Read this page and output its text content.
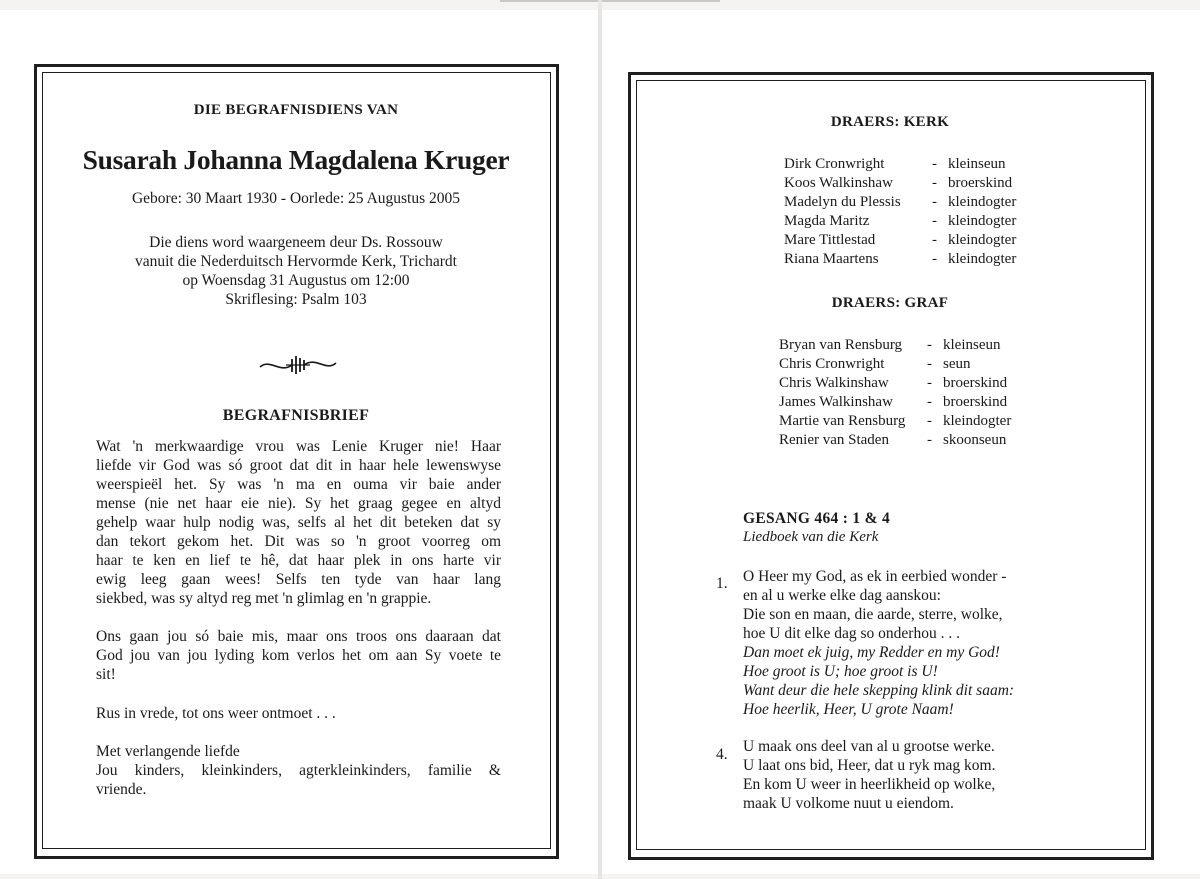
DIE BEGRAFNISDIENS VAN
Susarah Johanna Magdalena Kruger
Gebore: 30 Maart 1930 - Oorlede: 25 Augustus 2005
Die diens word waargeneem deur Ds. Rossouw
vanuit die Nederduitsch Hervormde Kerk, Trichardt
op Woensdag 31 Augustus om 12:00
Skriflesing: Psalm 103
BEGRAFNISBRIEF
Wat 'n merkwaardige vrou was Lenie Kruger nie! Haar
liefde vir God was só groot dat dit in haar hele lewenswyse
weerspieël het. Sy was 'n ma en ouma vir baie ander
mense (nie net haar eie nie). Sy het graag gegee en altyd
gehelp waar hulp nodig was, selfs al het dit beteken dat sy
dan tekort gekom het. Dit was so 'n groot voorreg om
haar te ken en lief te hê, dat haar plek in ons harte vir
ewig leeg gaan wees! Selfs ten tyde van haar lang
siekbed, was sy altyd reg met 'n glimlag en 'n grappie.
Ons gaan jou só baie mis, maar ons troos ons daaraan dat
God jou van jou lyding kom verlos het om aan Sy voete te
sit!
Rus in vrede, tot ons weer ontmoet . . .
Met verlangende liefde
Jou kinders, kleinkinders, agterkleinkinders, familie &
vriende.
DRAERS: KERK
Dirk Cronwright	- kleinseun
Koos Walkinshaw	- broerskind
Madelyn du Plessis	- kleindogter
Magda Maritz	- kleindogter
Mare Tittlestad	- kleindogter
Riana Maartens	- kleindogter
DRAERS: GRAF
Bryan van Rensburg	- kleinseun
Chris Cronwright	- seun
Chris Walkinshaw	- broerskind
James Walkinshaw	- broerskind
Martie van Rensburg	- kleindogter
Renier van Staden	- skoonseun
GESANG 464 : 1 & 4
Liedboek van die Kerk
1. O Heer my God, as ek in eerbied wonder -
en al u werke elke dag aanskou:
Die son en maan, die aarde, sterre, wolke,
hoe U dit elke dag so onderhou . . .
Dan moet ek juig, my Redder en my God!
Hoe groot is U; hoe groot is U!
Want deur die hele skepping klink dit saam:
Hoe heerlik, Heer, U grote Naam!
4. U maak ons deel van al u grootse werke.
U laat ons bid, Heer, dat u ryk mag kom.
En kom U weer in heerlikheid op wolke,
maak U volkome nuut u eiendom.
